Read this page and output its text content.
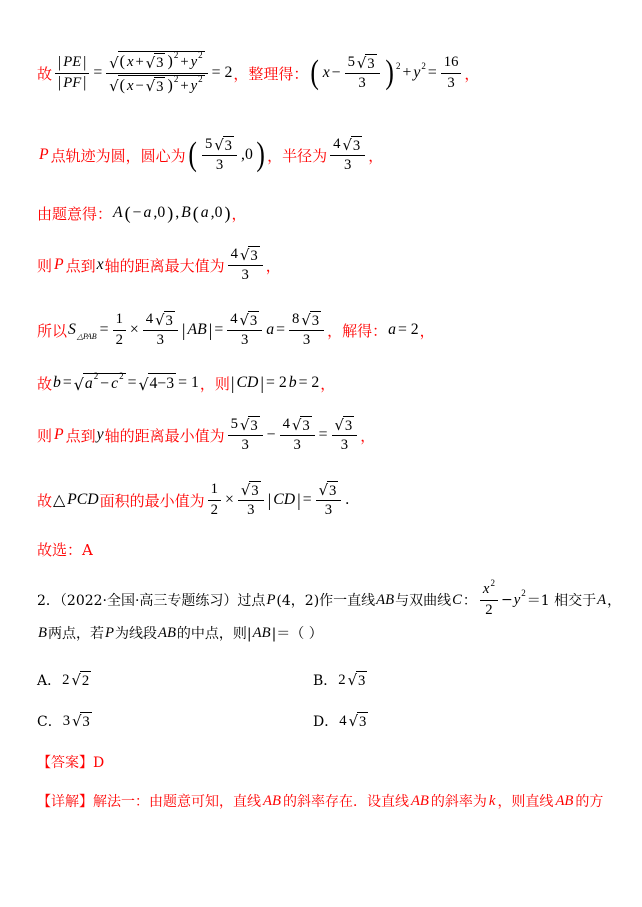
故 $\frac{| PE |}{| PF |}$ =
√ ( x +
√ 3 ) 2 + y 2
√ ( x −
√ 3 ) 2 + y 2 = 2 ，整理得： ( x − 5
√ 3
3 ) 2 + y $2 = \frac{16}{3}$ ，
P 点轨迹为圆，圆心为 ( 5
√ 3
3 ,0 ) ，半径为 4
√ 3
3 ，
由题意得： A ( − a ,0 ) , B ( a ,0 ) ，
则 P 点到 x 轴的距离最大值为 4
√ 3
3 ，
所以 S △PAB = $\frac{1}{2} \times 4$
√ 3
3 | AB | = 4
√ 3
3 a = 8
√ 3
3 ，解得： a = 2 ，
故 b =
√ a 2 − c 2 =
√ 4−3 = 1 ，则 | CD | = 2 b = 2 ，
则 P 点到 y 轴的距离最小值为 5
√ 3
3 − 4
√ 3
3 =
√ $\frac{3}{3}$ ，
故 △ PCD 面积的最小值为 $\frac{1}{2}$ ×
√ $\frac{3}{3}$ | CD | =
√ $\frac{3}{3}$ .
故选：A
2．（2022·全国·高三专题练习）过点 P (4，2)作一直线 AB 与双曲线 C ： $\frac{x 2}{2} - y$ 2 ＝1 相交于 A ，
B 两点，若 P 为线段 AB 的中点，则| AB |＝（ ）
A． 2
√ 2	B． 2
√ 3
C． 3
√ 3	D． 4
√ 3
【答案】D
【详解】解法一：由题意可知，直线 AB 的斜率存在．设直线 AB 的斜率为 k ，则直线 AB 的方
